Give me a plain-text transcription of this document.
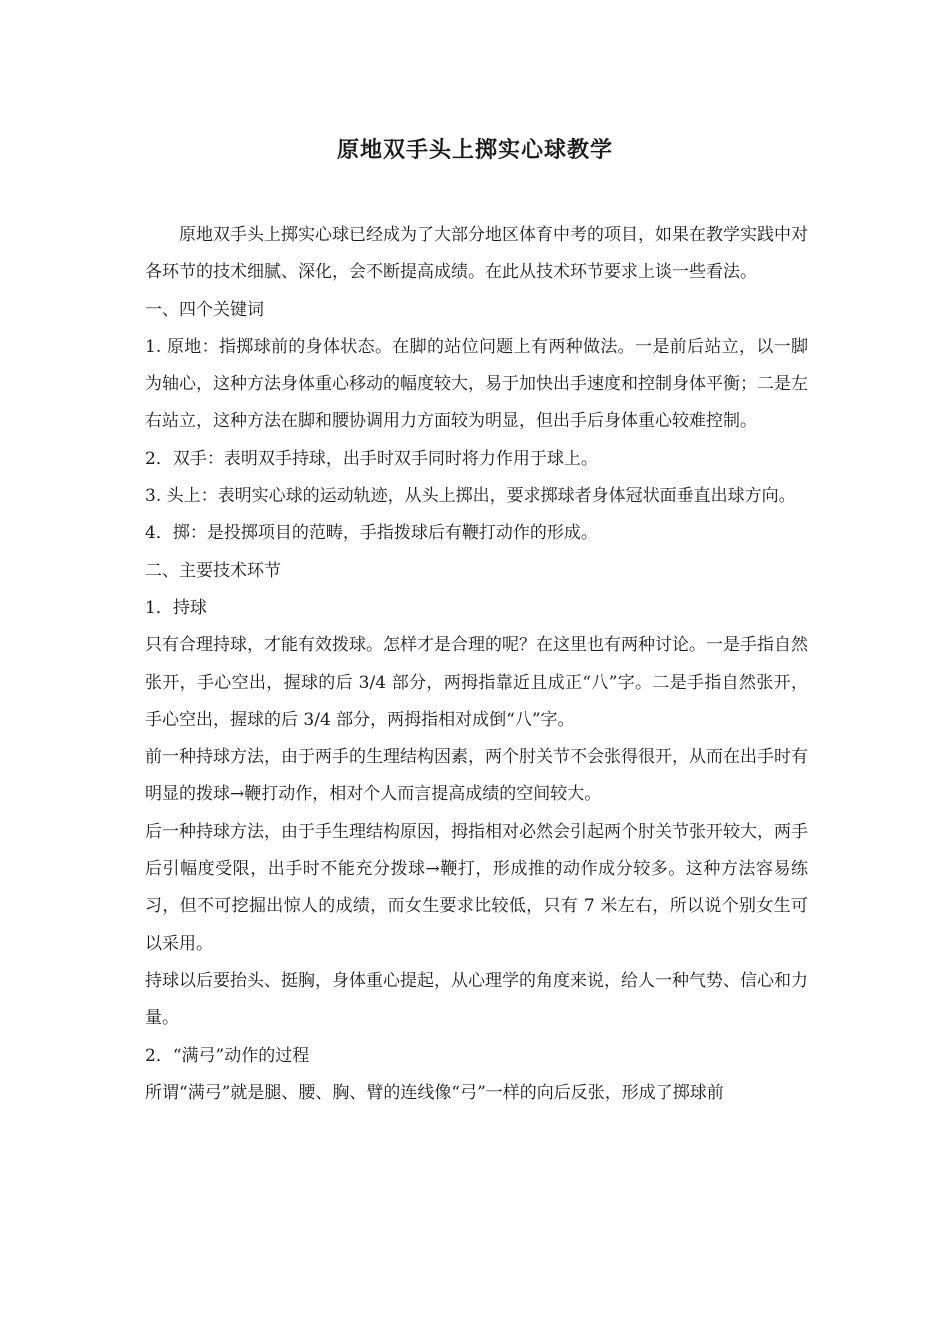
原地双手头上掷实心球教学

原地双手头上掷实心球已经成为了大部分地区体育中考的项目，如果在教学实践中对各环节的技术细腻、深化，会不断提高成绩。在此从技术环节要求上谈一些看法。

一、四个关键词

1. 原地：指掷球前的身体状态。在脚的站位问题上有两种做法。一是前后站立，以一脚为轴心，这种方法身体重心移动的幅度较大，易于加快出手速度和控制身体平衡；二是左右站立，这种方法在脚和腰协调用力方面较为明显，但出手后身体重心较难控制。

2．双手：表明双手持球，出手时双手同时将力作用于球上。

3. 头上：表明实心球的运动轨迹，从头上掷出，要求掷球者身体冠状面垂直出球方向。

4．掷：是投掷项目的范畴，手指拨球后有鞭打动作的形成。

二、主要技术环节

1．持球

只有合理持球，才能有效拨球。怎样才是合理的呢？在这里也有两种讨论。一是手指自然张开，手心空出，握球的后 3/4 部分，两拇指靠近且成正“八”字。二是手指自然张开，手心空出，握球的后 3/4 部分，两拇指相对成倒“八”字。

前一种持球方法，由于两手的生理结构因素，两个肘关节不会张得很开，从而在出手时有明显的拨球→鞭打动作，相对个人而言提高成绩的空间较大。

后一种持球方法，由于手生理结构原因，拇指相对必然会引起两个肘关节张开较大，两手后引幅度受限，出手时不能充分拨球→鞭打，形成推的动作成分较多。这种方法容易练习，但不可挖掘出惊人的成绩，而女生要求比较低，只有 7 米左右，所以说个别女生可以采用。

持球以后要抬头、挺胸，身体重心提起，从心理学的角度来说，给人一种气势、信心和力量。

2．“满弓”动作的过程

所谓“满弓”就是腿、腰、胸、臂的连线像“弓”一样的向后反张，形成了掷球前
